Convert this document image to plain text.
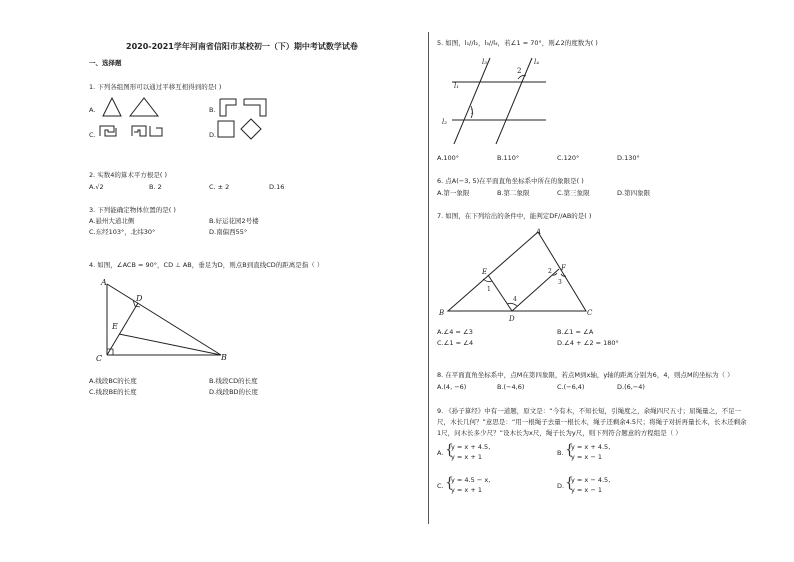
2020-2021学年河南省信阳市某校初一（下）期中考试数学试卷
一、选择题
1. 下列各组图形可以通过平移互相得到的是( )
A.	B.
C.	D.
2. 实数4的算术平方根是( )
A.√2	B. 2	C. ± 2	D.16
3. 下列能确定物体位置的是( )
A.悬州大道北侧	B.好运花园2号楼
C.东经103°，北纬30°	D.南偏西55°
4. 如图，∠ACB = 90°，CD ⊥ AB，垂足为D，则点B到直线CD的距离是指（ ）
A
D
E
C	B
A.线段BC的长度	B.线段CD的长度
C.线段BE的长度	D.线段BD的长度
5. 如图，l₁//l₂，l₃//l₄，若∠1 = 70°，则∠2的度数为( )
l₁
l₂
l₃	l₄
1
2
A.100°	B.110°	C.120°	D.130°
6. 点A(−3, 5)在平面直角坐标系中所在的象限是( )
A.第一象限	B.第二象限	C.第三象限	D.第四象限
7. 如图，在下列给出的条件中，能判定DF//AB的是( )
A
B	C
D
E	F
1
2
3
4
A.∠4 = ∠3	B.∠1 = ∠A
C.∠1 = ∠4	D.∠4 + ∠2 = 180°
8. 在平面直角坐标系中，点M在第四象限，若点M到x轴，y轴的距离分别为6，4，则点M的坐标为（ ）
A.(4, −6)	B.(−4,6)	C.(−6,4)	D.(6,−4)
9. 《孙子算经》中有一道题，原文是：“今有木，不知长短，引绳度之，余绳四尺五寸；屈绳量之，不足一
尺，木长几何？”意思是：“用一根绳子去量一根长木，绳子还剩余4.5尺；将绳子对折再量长木，长木还剩余
1尺，问木长多少尺？”设木长为x尺，绳子长为y尺，则下列符合题意的方程组是（ ）
A. {
y = x + 4.5,
y = x + 1	B. {
y = x + 4.5,
y = x − 1
C. {
y = 4.5 − x,
y = x + 1	D. {
y = x − 4.5,
y = x − 1
